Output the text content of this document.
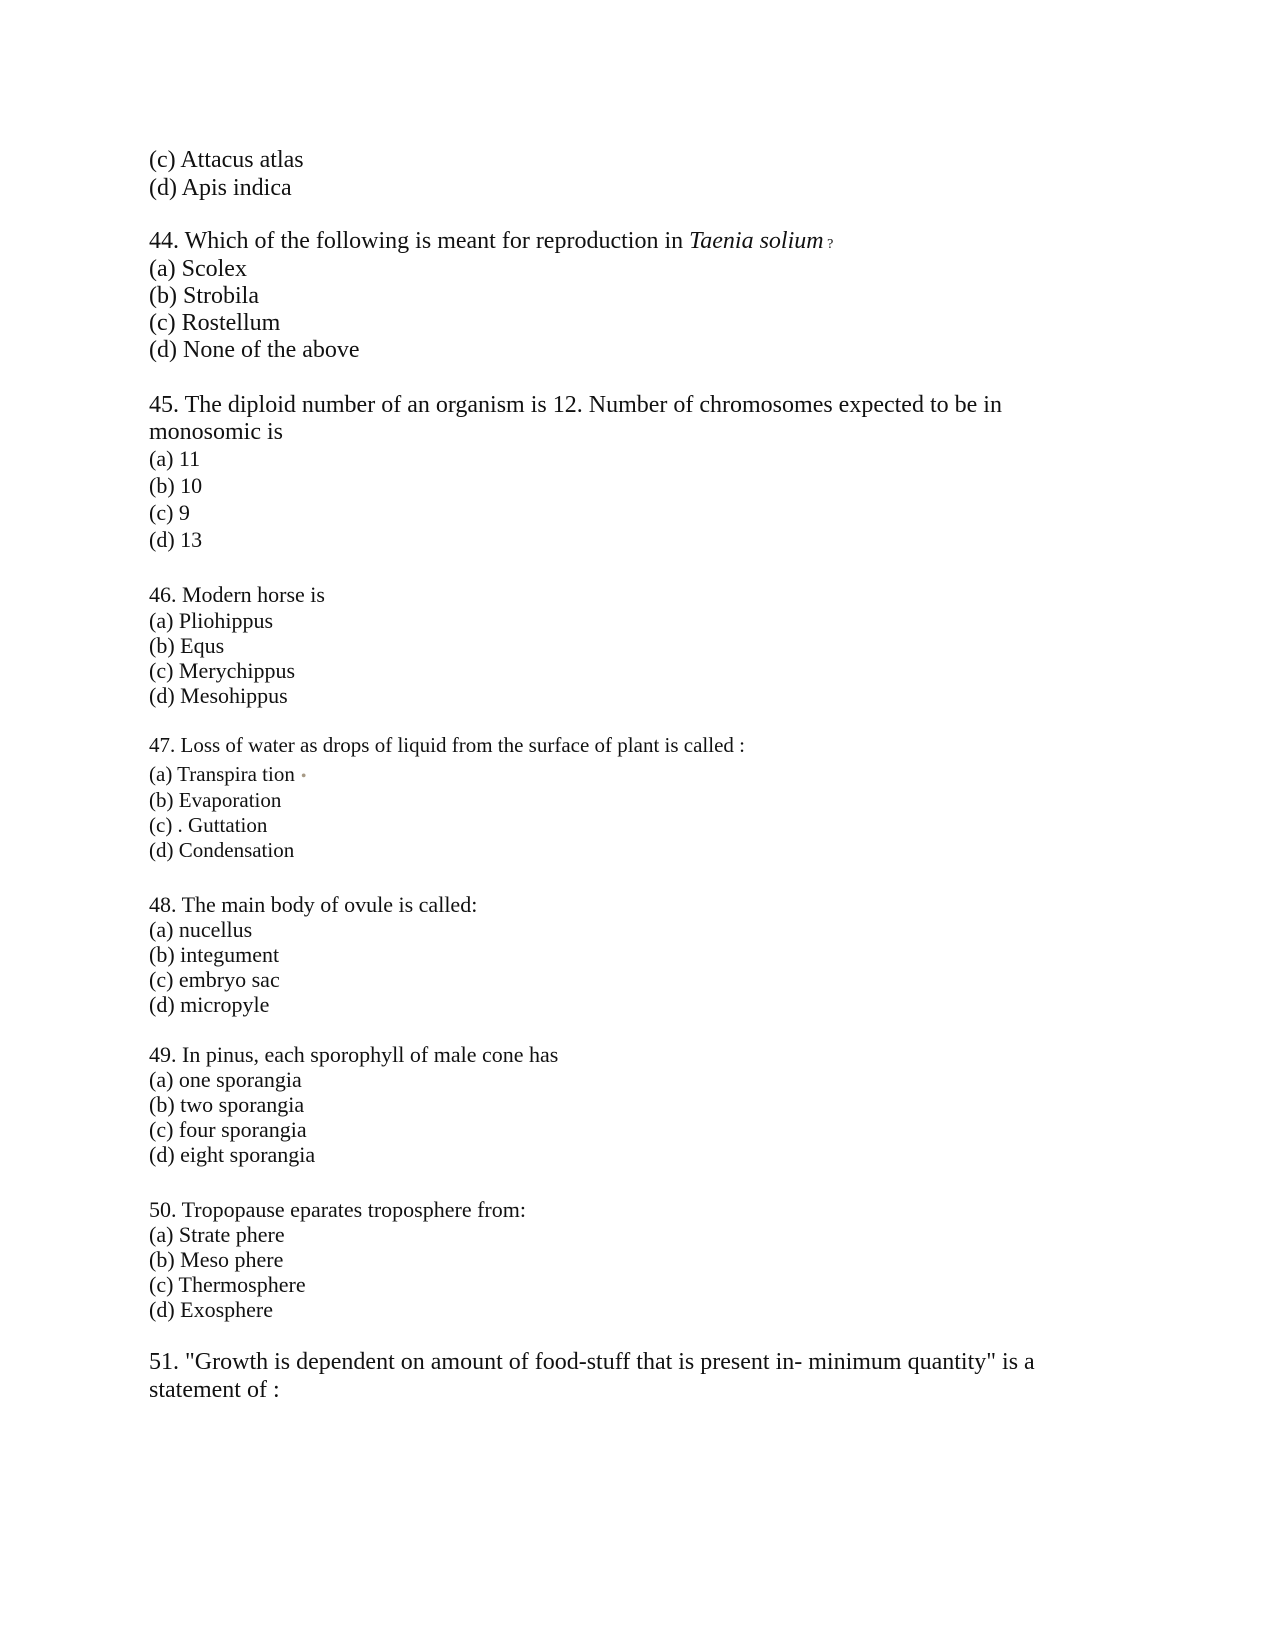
(c) Attacus atlas
(d) Apis indica
44. Which of the following is meant for reproduction in Taenia solium ?
(a) Scolex
(b) Strobila
(c) Rostellum
(d) None of the above
45. The diploid number of an organism is 12. Number of chromosomes expected to be in
monosomic is
(a) 11
(b) 10
(c) 9
(d) 13
46. Modern horse is
(a) Pliohippus
(b) Equs
(c) Merychippus
(d) Mesohippus
47. Loss of water as drops of liquid from the surface of plant is called :
(a) Transpira tion •
(b) Evaporation
(c) . Guttation
(d) Condensation
48. The main body of ovule is called:
(a) nucellus
(b) integument
(c) embryo sac
(d) micropyle
49. In pinus, each sporophyll of male cone has
(a) one sporangia
(b) two sporangia
(c) four sporangia
(d) eight sporangia
50. Tropopause eparates troposphere from:
(a) Strate phere
(b) Meso phere
(c) Thermosphere
(d) Exosphere
51. "Growth is dependent on amount of food-stuff that is present in- minimum quantity" is a
statement of :
